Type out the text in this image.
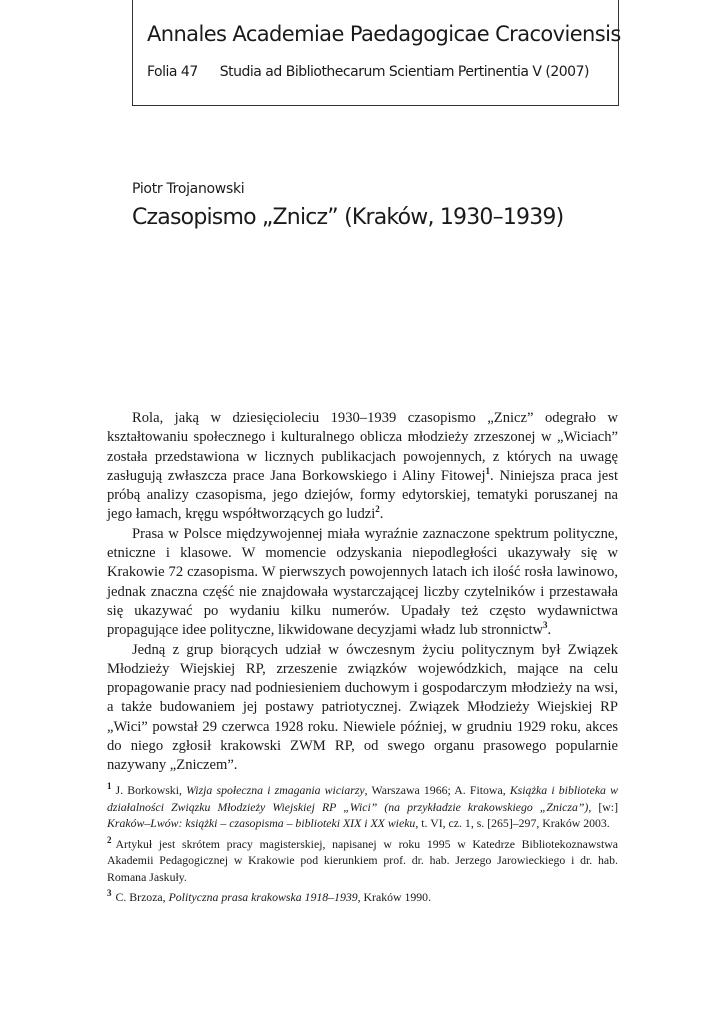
Annales Academiae Paedagogicae Cracoviensis
Folia 47 Studia ad Bibliothecarum Scientiam Pertinentia V (2007)
Piotr Trojanowski
Czasopismo „Znicz” (Kraków, 1930–1939)

Rola, jaką w dziesięcioleciu 1930–1939 czasopismo „Znicz” odegrało w kształtowaniu społecznego i kulturalnego oblicza młodzieży zrzeszonej w „Wiciach” została przedstawiona w licznych publikacjach powojennych, z których na uwagę zasługują zwłaszcza prace Jana Borkowskiego i Aliny Fitowej$^1$. Niniejsza praca jest próbą analizy czasopisma, jego dziejów, formy edytorskiej, tematyki poruszanej na jego łamach, kręgu współtworzących go ludzi$^2$.

Prasa w Polsce międzywojennej miała wyraźnie zaznaczone spektrum polityczne, etniczne i klasowe. W momencie odzyskania niepodległości ukazywały się w Krakowie 72 czasopisma. W pierwszych powojennych latach ich ilość rosła lawinowo, jednak znaczna część nie znajdowała wystarczającej liczby czytelników i przestawała się ukazywać po wydaniu kilku numerów. Upadały też często wydawnictwa propagujące idee polityczne, likwidowane decyzjami władz lub stronnictw$^3$.

Jedną z grup biorących udział w ówczesnym życiu politycznym był Związek Młodzieży Wiejskiej RP, zrzeszenie związków wojewódzkich, mające na celu propagowanie pracy nad podniesieniem duchowym i gospodarczym młodzieży na wsi, a także budowaniem jej postawy patriotycznej. Związek Młodzieży Wiejskiej RP „Wici” powstał 29 czerwca 1928 roku. Niewiele później, w grudniu 1929 roku, akces do niego zgłosił krakowski ZWM RP, od swego organu prasowego popularnie nazywany „Zniczem”.

$^1$ J. Borkowski, Wizja społeczna i zmagania wiciarzy, Warszawa 1966; A. Fitowa, Książka i biblioteka w działalności Związku Młodzieży Wiejskiej RP „Wici” (na przykładzie krakowskiego „Znicza”), [w:] Kraków–Lwów: książki – czasopisma – biblioteki XIX i XX wieku, t. VI, cz. 1, s. [265]–297, Kraków 2003.

$^2$ Artykuł jest skrótem pracy magisterskiej, napisanej w roku 1995 w Katedrze Bibliotekoznawstwa Akademii Pedagogicznej w Krakowie pod kierunkiem prof. dr. hab. Jerzego Jarowieckiego i dr. hab. Romana Jaskuły.

$^3$ C. Brzoza, Polityczna prasa krakowska 1918–1939, Kraków 1990.
